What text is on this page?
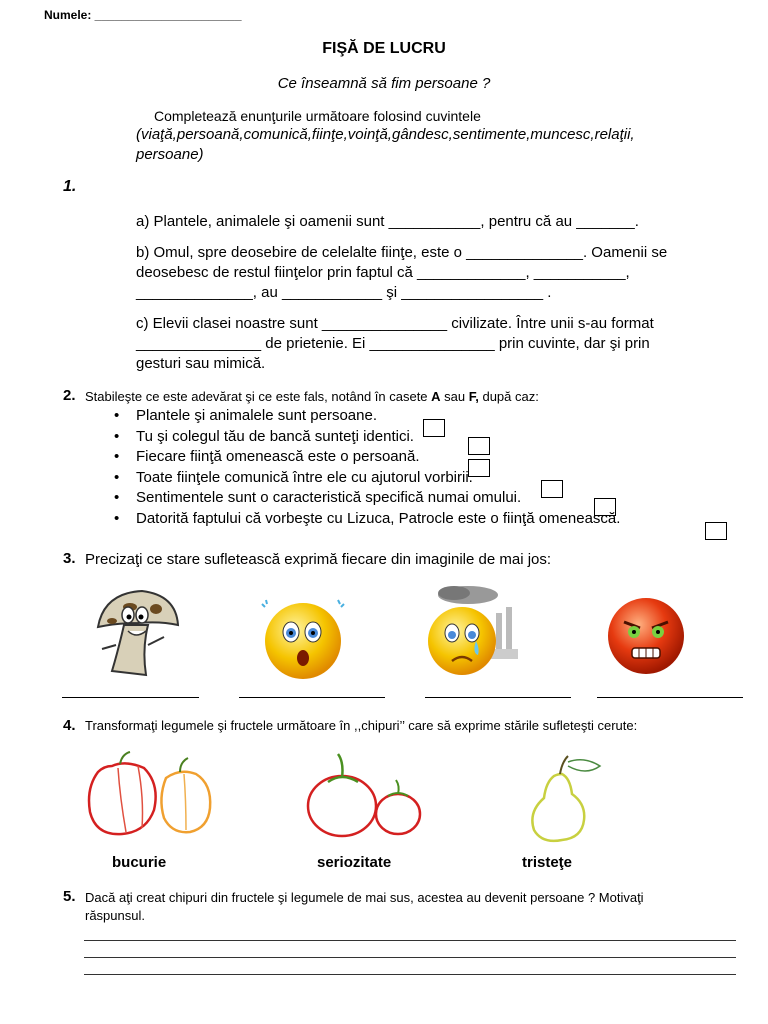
Numele: ______________________
FIŞĂ DE LUCRU
Ce înseamnă să fim persoane ?
Completează enunţurile următoare folosind cuvintele
(viaţă,persoană,comunică,fiinţe,voinţă,gândesc,sentimente,muncesc,relaţii,
persoane)
1.
a) Plantele, animalele şi oamenii sunt ___________, pentru că au _______.
b) Omul, spre deosebire de celelalte fiinţe, este o ______________. Oamenii se
deosebesc de restul fiinţelor prin faptul că _____________, ___________,
______________, au ____________ şi _________________ .
c) Elevii clasei noastre sunt _______________ civilizate. Între unii s-au format
_______________ de prietenie. Ei _______________ prin cuvinte, dar şi prin
gesturi sau mimică.
2. Stabileşte ce este adevărat şi ce este fals, notând în casete A sau F, după caz:
• Plantele şi animalele sunt persoane.
• Tu şi colegul tău de bancă sunteţi identici.
• Fiecare fiinţă omenească este o persoană.
• Toate fiinţele comunică între ele cu ajutorul vorbirii.
• Sentimentele sunt o caracteristică specifică numai omului.
• Datorită faptului că vorbeşte cu Lizuca, Patrocle este o fiinţă omenească.
3. Precizaţi ce stare sufletească exprimă fiecare din imaginile de mai jos:
4. Transformaţi legumele şi fructele următoare în ,,chipuri’’ care să exprime stările sufleteşti cerute:
bucurie	seriozitate	tristeţe
5. Dacă aţi creat chipuri din fructele şi legumele de mai sus, acestea au devenit persoane ? Motivaţi
răspunsul.
